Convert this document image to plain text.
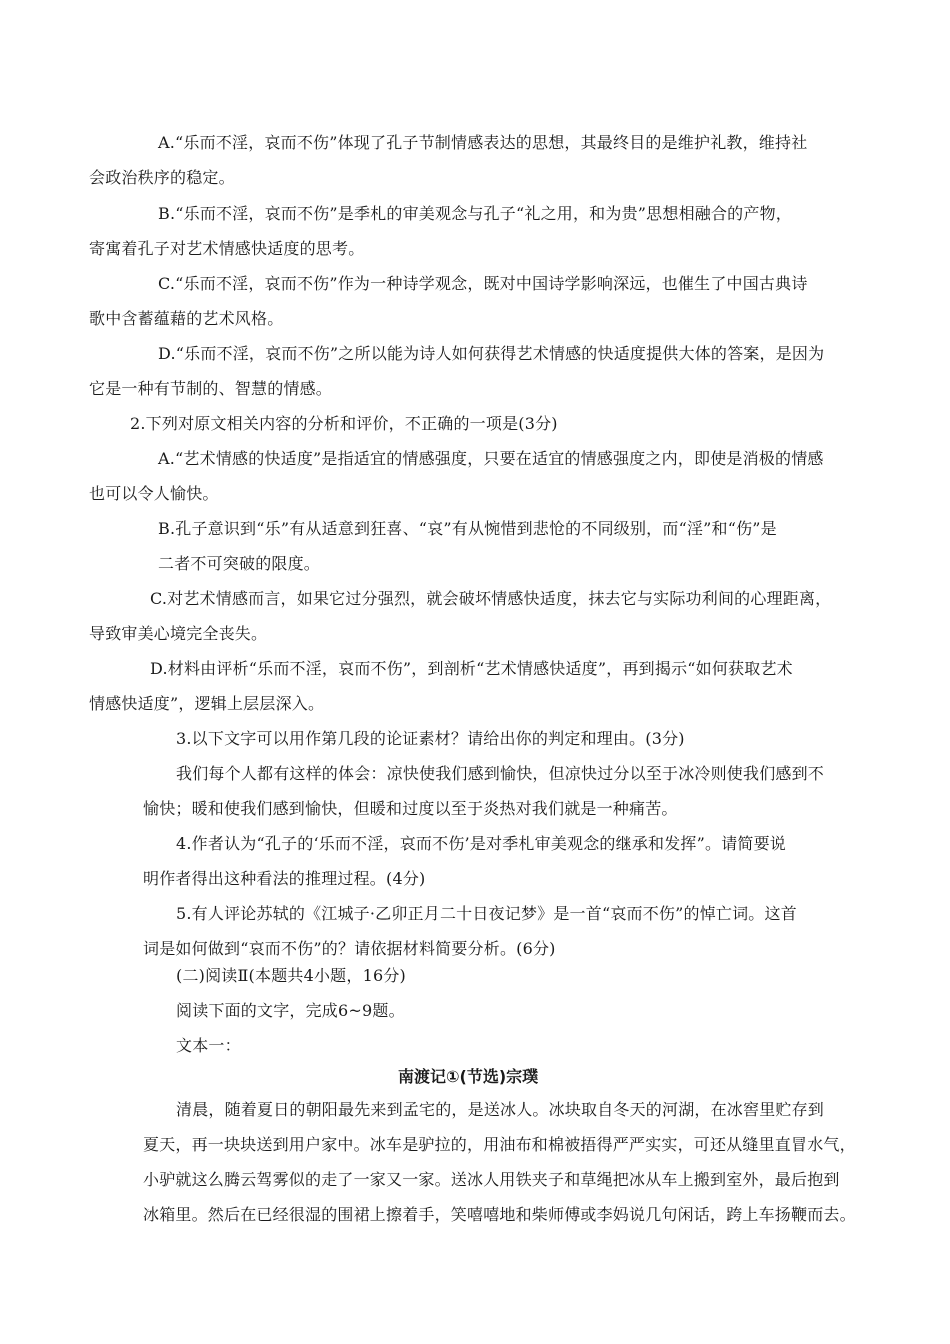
A.“乐而不淫，哀而不伤”体现了孔子节制情感表达的思想，其最终目的是维护礼教，维持社
会政治秩序的稳定。
B.“乐而不淫，哀而不伤”是季札的审美观念与孔子“礼之用，和为贵”思想相融合的产物，
寄寓着孔子对艺术情感快适度的思考。
C.“乐而不淫，哀而不伤”作为一种诗学观念，既对中国诗学影响深远，也催生了中国古典诗
歌中含蓄蕴藉的艺术风格。
D.“乐而不淫，哀而不伤”之所以能为诗人如何获得艺术情感的快适度提供大体的答案，是因为
它是一种有节制的、智慧的情感。
2.下列对原文相关内容的分析和评价，不正确的一项是(3分)
A.“艺术情感的快适度”是指适宜的情感强度，只要在适宜的情感强度之内，即使是消极的情感
也可以令人愉快。
B.孔子意识到“乐”有从适意到狂喜、“哀”有从惋惜到悲怆的不同级别，而“淫”和“伤”是
二者不可突破的限度。
C.对艺术情感而言，如果它过分强烈，就会破坏情感快适度，抹去它与实际功利间的心理距离，
导致审美心境完全丧失。
D.材料由评析“乐而不淫，哀而不伤”，到剖析“艺术情感快适度”，再到揭示“如何获取艺术
情感快适度”，逻辑上层层深入。
3.以下文字可以用作第几段的论证素材？请给出你的判定和理由。(3分)
我们每个人都有这样的体会：凉快使我们感到愉快，但凉快过分以至于冰冷则使我们感到不
愉快；暖和使我们感到愉快，但暖和过度以至于炎热对我们就是一种痛苦。
4.作者认为“孔子的‘乐而不淫，哀而不伤’是对季札审美观念的继承和发挥”。请简要说
明作者得出这种看法的推理过程。(4分)
5.有人评论苏轼的《江城子·乙卯正月二十日夜记梦》是一首“哀而不伤”的悼亡词。这首
词是如何做到“哀而不伤”的？请依据材料简要分析。(6分)
(二)阅读Ⅱ(本题共4小题，16分)
阅读下面的文字，完成6~9题。
文本一：
南渡记①(节选)宗璞
清晨，随着夏日的朝阳最先来到孟宅的，是送冰人。冰块取自冬天的河湖，在冰窖里贮存到
夏天，再一块块送到用户家中。冰车是驴拉的，用油布和棉被捂得严严实实，可还从缝里直冒水气，
小驴就这么腾云驾雾似的走了一家又一家。送冰人用铁夹子和草绳把冰从车上搬到室外，最后抱到
冰箱里。然后在已经很湿的围裙上擦着手，笑嘻嘻地和柴师傅或李妈说几句闲话，跨上车扬鞭而去。
